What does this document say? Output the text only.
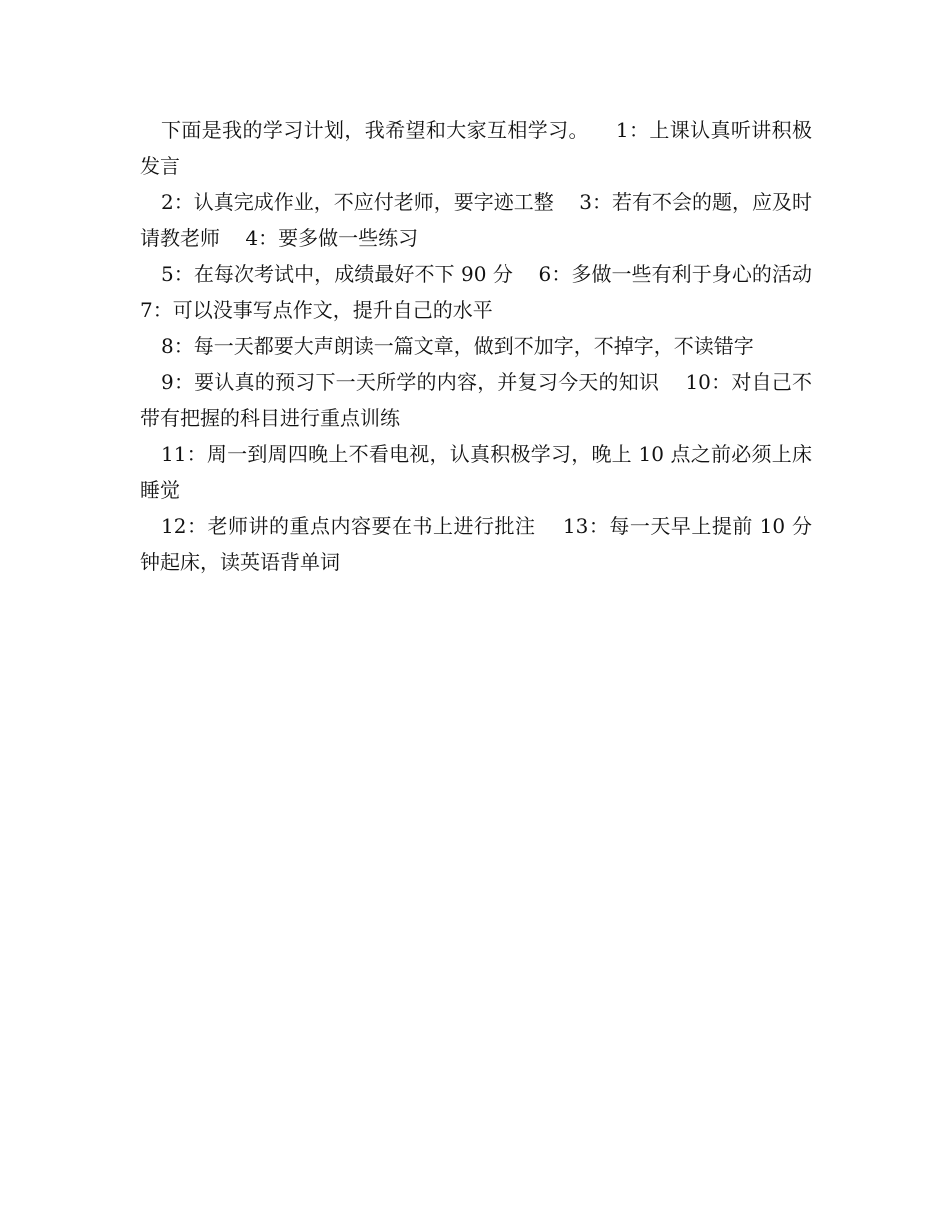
下面是我的学习计划，我希望和大家互相学习。    1：上课认真听讲积极发言

2：认真完成作业，不应付老师，要字迹工整    3：若有不会的题，应及时请教老师    4：要多做一些练习

5：在每次考试中，成绩最好不下 90 分    6：多做一些有利于身心的活动    7：可以没事写点作文，提升自己的水平

8：每一天都要大声朗读一篇文章，做到不加字，不掉字，不读错字

9：要认真的预习下一天所学的内容，并复习今天的知识    10：对自己不带有把握的科目进行重点训练

11：周一到周四晚上不看电视，认真积极学习，晚上 10 点之前必须上床睡觉

12：老师讲的重点内容要在书上进行批注    13：每一天早上提前 10 分钟起床，读英语背单词
